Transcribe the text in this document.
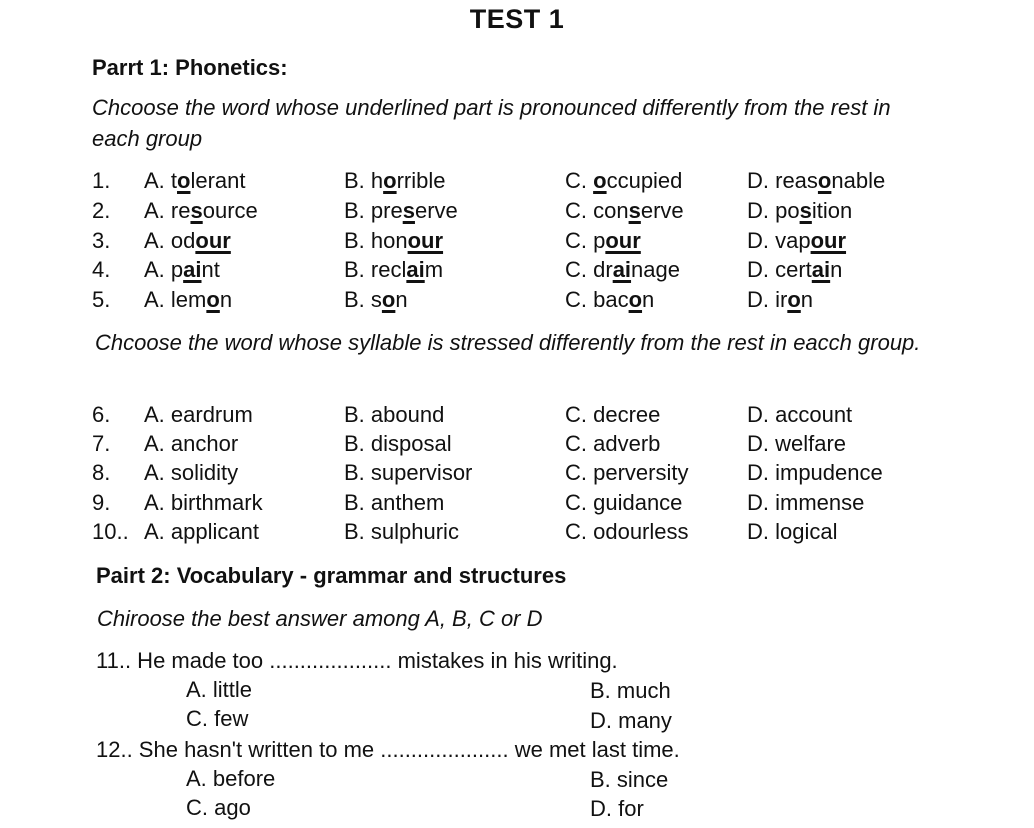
TEST 1
Parrt 1: Phonetics:
Chcoose the word whose underlined part is pronounced differently from the rest in each group
1. A. tolerant	B. horrible	C. occupied	D. reasonable
2. A. resource	B. preserve	C. conserve	D. position
3. A. odour	B. honour	C. pour	D. vapour
4. A. paint	B. reclaim	C. drainage	D. certain
5. A. lemon	B. son	C. bacon	D. iron
Chcoose the word whose syllable is stressed differently from the rest in eacch group.
6. A. eardrum	B. abound	C. decree	D. account
7. A. anchor	B. disposal	C. adverb	D. welfare
8. A. solidity	B. supervisor	C. perversity	D. impudence
9. A. birthmark	B. anthem	C. guidance	D. immense
10.. A. applicant	B. sulphuric	C. odourless	D. logical
Pairt 2: Vocabulary - grammar and structures
Chiroose the best answer among A, B, C or D
11.. He made too .................... mistakes in his writing.
A. little	B. much
C. few	D. many
12.. She hasn't written to me ..................... we met last time.
A. before	B. since
C. ago	D. for
